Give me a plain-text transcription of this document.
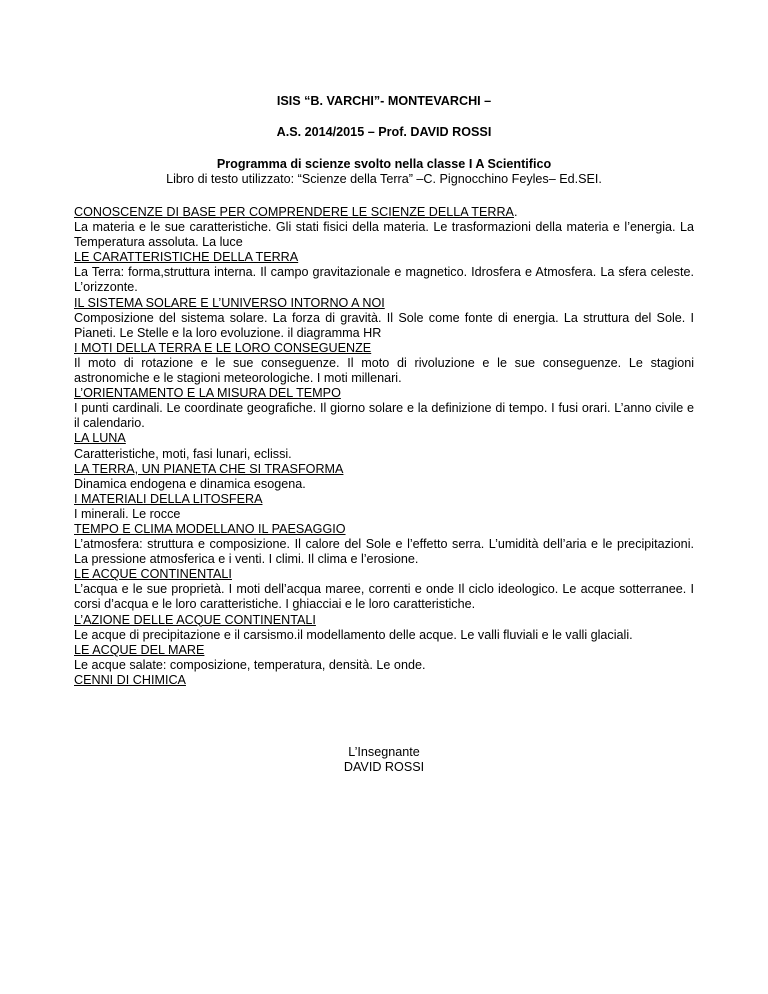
ISIS “B. VARCHI”- MONTEVARCHI –
A.S. 2014/2015 – Prof. DAVID ROSSI
Programma di scienze svolto nella classe I A Scientifico
Libro di testo utilizzato: “Scienze della Terra” –C. Pignocchino Feyles– Ed.SEI.
CONOSCENZE DI BASE PER COMPRENDERE LE SCIENZE DELLA TERRA.
La materia e le sue caratteristiche. Gli stati fisici della materia. Le trasformazioni della materia e l’energia. La Temperatura assoluta. La luce
LE CARATTERISTICHE DELLA TERRA
La Terra: forma,struttura interna. Il campo gravitazionale e magnetico. Idrosfera e Atmosfera. La sfera celeste. L’orizzonte.
IL SISTEMA SOLARE E L’UNIVERSO INTORNO A NOI
Composizione del sistema solare. La forza di gravità. Il Sole come fonte di energia. La struttura del Sole. I Pianeti. Le Stelle e la loro evoluzione. il diagramma HR
I MOTI DELLA TERRA E LE LORO CONSEGUENZE
Il moto di rotazione e le sue conseguenze. Il moto di rivoluzione e le sue conseguenze. Le stagioni astronomiche e le stagioni meteorologiche. I moti millenari.
L’ORIENTAMENTO E LA MISURA DEL TEMPO
I punti cardinali. Le coordinate geografiche. Il giorno solare e la definizione di tempo. I fusi orari. L’anno civile e il calendario.
LA LUNA
Caratteristiche, moti, fasi lunari, eclissi.
LA TERRA, UN PIANETA CHE SI TRASFORMA
Dinamica endogena e dinamica esogena.
I MATERIALI DELLA LITOSFERA
I minerali. Le rocce
TEMPO E CLIMA MODELLANO IL PAESAGGIO
L’atmosfera: struttura e composizione. Il calore del Sole e l’effetto serra. L’umidità dell’aria e le precipitazioni. La pressione atmosferica e i venti. I climi. Il clima e l’erosione.
LE ACQUE CONTINENTALI
L’acqua e le sue proprietà. I moti dell’acqua maree, correnti e onde Il ciclo ideologico. Le acque sotterranee. I corsi d’acqua e le loro caratteristiche. I ghiacciai e le loro caratteristiche.
L’AZIONE DELLE ACQUE CONTINENTALI
Le acque di precipitazione e il carsismo.il modellamento delle acque. Le valli fluviali e le valli glaciali.
LE ACQUE DEL MARE
Le acque salate: composizione, temperatura, densità. Le onde.
CENNI DI CHIMICA
L’Insegnante
DAVID ROSSI
